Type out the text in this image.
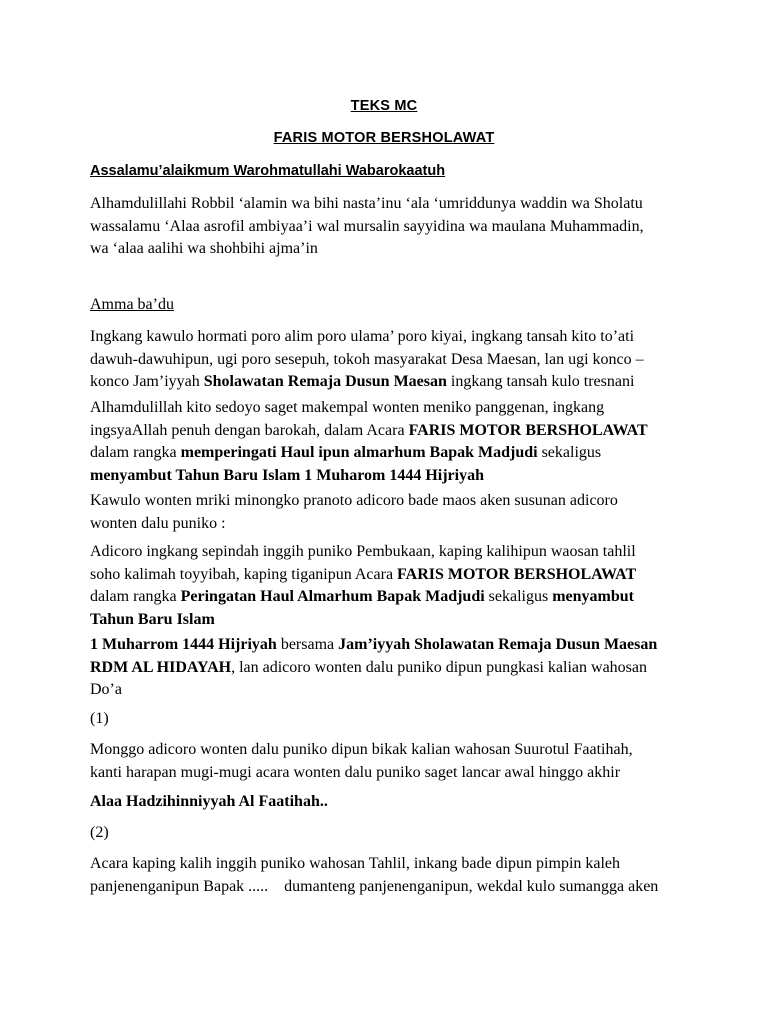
TEKS MC
FARIS MOTOR BERSHOLAWAT

Assalamu’alaikmum Warohmatullahi Wabarokaatuh

Alhamdulillahi Robbil ‘alamin wa bihi nasta’inu ‘ala ‘umriddunya waddin wa Sholatu
wassalamu ‘Alaa asrofil ambiyaa’i wal mursalin sayyidina wa maulana Muhammadin,
wa ‘alaa aalihi wa shohbihi ajma’in

Amma ba’du

Ingkang kawulo hormati poro alim poro ulama’ poro kiyai, ingkang tansah kito to’ati
dawuh-dawuhipun, ugi poro sesepuh, tokoh masyarakat Desa Maesan, lan ugi konco –
konco Jam’iyyah Sholawatan Remaja Dusun Maesan ingkang tansah kulo tresnani

Alhamdulillah kito sedoyo saget makempal wonten meniko panggenan, ingkang
ingsyaAllah penuh dengan barokah, dalam Acara FARIS MOTOR BERSHOLAWAT
dalam rangka memperingati Haul ipun almarhum Bapak Madjudi sekaligus
menyambut Tahun Baru Islam 1 Muharom 1444 Hijriyah

Kawulo wonten mriki minongko pranoto adicoro bade maos aken susunan adicoro
wonten dalu puniko :

Adicoro ingkang sepindah inggih puniko Pembukaan, kaping kalihipun waosan tahlil
soho kalimah toyyibah, kaping tiganipun Acara FARIS MOTOR BERSHOLAWAT
dalam rangka Peringatan Haul Almarhum Bapak Madjudi sekaligus menyambut
Tahun Baru Islam

1 Muharrom 1444 Hijriyah bersama Jam’iyyah Sholawatan Remaja Dusun Maesan
RDM AL HIDAYAH, lan adicoro wonten dalu puniko dipun pungkasi kalian wahosan
Do’a

(1)

Monggo adicoro wonten dalu puniko dipun bikak kalian wahosan Suurotul Faatihah,
kanti harapan mugi-mugi acara wonten dalu puniko saget lancar awal hinggo akhir

Alaa Hadzihinniyyah Al Faatihah..

(2)

Acara kaping kalih inggih puniko wahosan Tahlil, inkang bade dipun pimpin kaleh
panjenenganipun Bapak .....    dumanteng panjenenganipun, wekdal kulo sumangga aken
